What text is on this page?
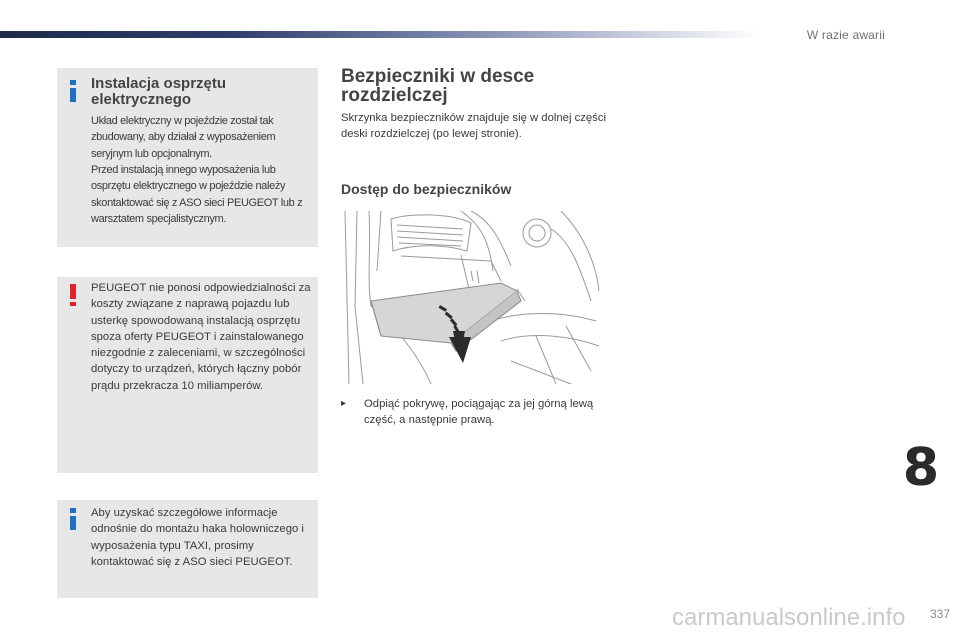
W razie awarii
Instalacja osprzętu elektrycznego
Układ elektryczny w pojeździe został tak zbudowany, aby działał z wyposażeniem seryjnym lub opcjonalnym.
Przed instalacją innego wyposażenia lub osprzętu elektrycznego w pojeździe należy skontaktować się z ASO sieci PEUGEOT lub z warsztatem specjalistycznym.
PEUGEOT nie ponosi odpowiedzialności za koszty związane z naprawą pojazdu lub usterkę spowodowaną instalacją osprzętu spoza oferty PEUGEOT i zainstalowanego niezgodnie z zaleceniami, w szczególności dotyczy to urządzeń, których łączny pobór prądu przekracza 10 miliamperów.
Aby uzyskać szczegółowe informacje odnośnie do montażu haka holowniczego i wyposażenia typu TAXI, prosimy kontaktować się z ASO sieci PEUGEOT.
Bezpieczniki w desce rozdzielczej
Skrzynka bezpieczników znajduje się w dolnej części deski rozdzielczej (po lewej stronie).
Dostęp do bezpieczników
▸	Odpiąć pokrywę, pociągając za jej górną lewą część, a następnie prawą.
8
337
carmanualsonline.info
